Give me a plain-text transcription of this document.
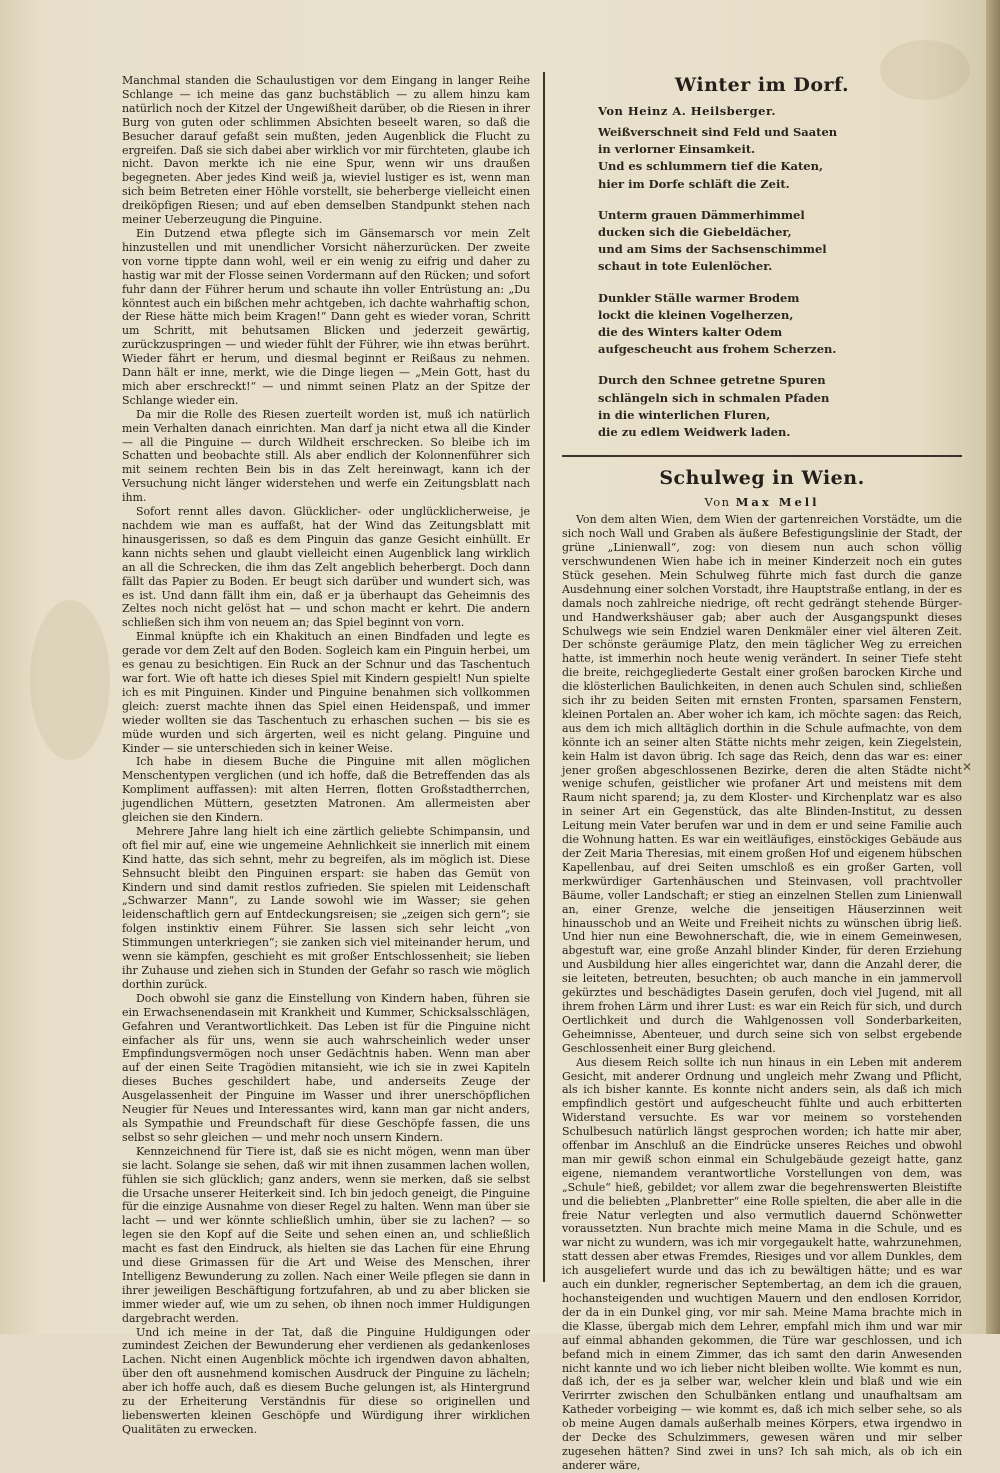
Manchmal standen die Schaulustigen vor dem Eingang in langer Reihe Schlange — ich meine das ganz buchstäblich — zu allem hinzu kam natürlich noch der Kitzel der Ungewißheit darüber, ob die Riesen in ihrer Burg von guten oder schlimmen Absichten beseelt waren, so daß die Besucher darauf gefaßt sein mußten, jeden Augenblick die Flucht zu ergreifen. Daß sie sich dabei aber wirklich vor mir fürchteten, glaube ich nicht. Davon merkte ich nie eine Spur, wenn wir uns draußen begegneten. Aber jedes Kind weiß ja, wieviel lustiger es ist, wenn man sich beim Betreten einer Höhle vorstellt, sie beherberge vielleicht einen dreiköpfigen Riesen; und auf eben demselben Standpunkt stehen nach meiner Ueberzeugung die Pinguine.

Ein Dutzend etwa pflegte sich im Gänsemarsch vor mein Zelt hinzustellen und mit unendlicher Vorsicht näherzurücken. Der zweite von vorne tippte dann wohl, weil er ein wenig zu eifrig und daher zu hastig war mit der Flosse seinen Vordermann auf den Rücken; und sofort fuhr dann der Führer herum und schaute ihn voller Entrüstung an: „Du könntest auch ein bißchen mehr achtgeben, ich dachte wahrhaftig schon, der Riese hätte mich beim Kragen!“ Dann geht es wieder voran, Schritt um Schritt, mit behutsamen Blicken und jederzeit gewärtig, zurückzuspringen — und wieder fühlt der Führer, wie ihn etwas berührt. Wieder fährt er herum, und diesmal beginnt er Reißaus zu nehmen. Dann hält er inne, merkt, wie die Dinge liegen — „Mein Gott, hast du mich aber erschreckt!“ — und nimmt seinen Platz an der Spitze der Schlange wieder ein.

Da mir die Rolle des Riesen zuerteilt worden ist, muß ich natürlich mein Verhalten danach einrichten. Man darf ja nicht etwa all die Kinder — all die Pinguine — durch Wildheit erschrecken. So bleibe ich im Schatten und beobachte still. Als aber endlich der Kolonnenführer sich mit seinem rechten Bein bis in das Zelt hereinwagt, kann ich der Versuchung nicht länger widerstehen und werfe ein Zeitungsblatt nach ihm.

Sofort rennt alles davon. Glücklicher- oder unglücklicherweise, je nachdem wie man es auffaßt, hat der Wind das Zeitungsblatt mit hinausgerissen, so daß es dem Pinguin das ganze Gesicht einhüllt. Er kann nichts sehen und glaubt vielleicht einen Augenblick lang wirklich an all die Schrecken, die ihm das Zelt angeblich beherbergt. Doch dann fällt das Papier zu Boden. Er beugt sich darüber und wundert sich, was es ist. Und dann fällt ihm ein, daß er ja überhaupt das Geheimnis des Zeltes noch nicht gelöst hat — und schon macht er kehrt. Die andern schließen sich ihm von neuem an; das Spiel beginnt von vorn.

Einmal knüpfte ich ein Khakituch an einen Bindfaden und legte es gerade vor dem Zelt auf den Boden. Sogleich kam ein Pinguin herbei, um es genau zu besichtigen. Ein Ruck an der Schnur und das Taschentuch war fort. Wie oft hatte ich dieses Spiel mit Kindern gespielt! Nun spielte ich es mit Pinguinen. Kinder und Pinguine benahmen sich vollkommen gleich: zuerst machte ihnen das Spiel einen Heidenspaß, und immer wieder wollten sie das Taschentuch zu erhaschen suchen — bis sie es müde wurden und sich ärgerten, weil es nicht gelang. Pinguine und Kinder — sie unterschieden sich in keiner Weise.

Ich habe in diesem Buche die Pinguine mit allen möglichen Menschentypen verglichen (und ich hoffe, daß die Betreffenden das als Kompliment auffassen): mit alten Herren, flotten Großstadtherrchen, jugendlichen Müttern, gesetzten Matronen. Am allermeisten aber gleichen sie den Kindern.

Mehrere Jahre lang hielt ich eine zärtlich geliebte Schimpansin, und oft fiel mir auf, eine wie ungemeine Aehnlichkeit sie innerlich mit einem Kind hatte, das sich sehnt, mehr zu begreifen, als im möglich ist. Diese Sehnsucht bleibt den Pinguinen erspart: sie haben das Gemüt von Kindern und sind damit restlos zufrieden. Sie spielen mit Leidenschaft „Schwarzer Mann“, zu Lande sowohl wie im Wasser; sie gehen leidenschaftlich gern auf Entdeckungsreisen; sie „zeigen sich gern“; sie folgen instinktiv einem Führer. Sie lassen sich sehr leicht „von Stimmungen unterkriegen“; sie zanken sich viel miteinander herum, und wenn sie kämpfen, geschieht es mit großer Entschlossenheit; sie lieben ihr Zuhause und ziehen sich in Stunden der Gefahr so rasch wie möglich dorthin zurück.

Doch obwohl sie ganz die Einstellung von Kindern haben, führen sie ein Erwachsenendasein mit Krankheit und Kummer, Schicksalsschlägen, Gefahren und Verantwortlichkeit. Das Leben ist für die Pinguine nicht einfacher als für uns, wenn sie auch wahrscheinlich weder unser Empfindungsvermögen noch unser Gedächtnis haben. Wenn man aber auf der einen Seite Tragödien mitansieht, wie ich sie in zwei Kapiteln dieses Buches geschildert habe, und anderseits Zeuge der Ausgelassenheit der Pinguine im Wasser und ihrer unerschöpflichen Neugier für Neues und Interessantes wird, kann man gar nicht anders, als Sympathie und Freundschaft für diese Geschöpfe fassen, die uns selbst so sehr gleichen — und mehr noch unsern Kindern.

Kennzeichnend für Tiere ist, daß sie es nicht mögen, wenn man über sie lacht. Solange sie sehen, daß wir mit ihnen zusammen lachen wollen, fühlen sie sich glücklich; ganz anders, wenn sie merken, daß sie selbst die Ursache unserer Heiterkeit sind. Ich bin jedoch geneigt, die Pinguine für die einzige Ausnahme von dieser Regel zu halten. Wenn man über sie lacht — und wer könnte schließlich umhin, über sie zu lachen? — so legen sie den Kopf auf die Seite und sehen einen an, und schließlich macht es fast den Eindruck, als hielten sie das Lachen für eine Ehrung und diese Grimassen für die Art und Weise des Menschen, ihrer Intelligenz Bewunderung zu zollen. Nach einer Weile pflegen sie dann in ihrer jeweiligen Beschäftigung fortzufahren, ab und zu aber blicken sie immer wieder auf, wie um zu sehen, ob ihnen noch immer Huldigungen dargebracht werden.

Und ich meine in der Tat, daß die Pinguine Huldigungen oder zumindest Zeichen der Bewunderung eher verdienen als gedankenloses Lachen. Nicht einen Augenblick möchte ich irgendwen davon abhalten, über den oft ausnehmend komischen Ausdruck der Pinguine zu lächeln; aber ich hoffe auch, daß es diesem Buche gelungen ist, als Hintergrund zu der Erheiterung Verständnis für diese so originellen und liebenswerten kleinen Geschöpfe und Würdigung ihrer wirklichen Qualitäten zu erwecken.

Winter im Dorf.
Von Heinz A. Heilsberger.
Weißverschneit sind Feld und Saaten
in verlorner Einsamkeit.
Und es schlummern tief die Katen,
hier im Dorfe schläft die Zeit.
Unterm grauen Dämmerhimmel
ducken sich die Giebeldächer,
und am Sims der Sachsenschimmel
schaut in tote Eulenlöcher.
Dunkler Ställe warmer Brodem
lockt die kleinen Vogelherzen,
die des Winters kalter Odem
aufgescheucht aus frohem Scherzen.
Durch den Schnee getretne Spuren
schlängeln sich in schmalen Pfaden
in die winterlichen Fluren,
die zu edlem Weidwerk laden.
Schulweg in Wien.
Von Max Mell

Von dem alten Wien, dem Wien der gartenreichen Vorstädte, um die sich noch Wall und Graben als äußere Befestigungslinie der Stadt, der grüne „Linienwall“, zog: von diesem nun auch schon völlig verschwundenen Wien habe ich in meiner Kinderzeit noch ein gutes Stück gesehen. Mein Schulweg führte mich fast durch die ganze Ausdehnung einer solchen Vorstadt, ihre Hauptstraße entlang, in der es damals noch zahlreiche niedrige, oft recht gedrängt stehende Bürger- und Handwerkshäuser gab; aber auch der Ausgangspunkt dieses Schulwegs wie sein Endziel waren Denkmäler einer viel älteren Zeit. Der schönste geräumige Platz, den mein täglicher Weg zu erreichen hatte, ist immerhin noch heute wenig verändert. In seiner Tiefe steht die breite, reichgegliederte Gestalt einer großen barocken Kirche und die klösterlichen Baulichkeiten, in denen auch Schulen sind, schließen sich ihr zu beiden Seiten mit ernsten Fronten, sparsamen Fenstern, kleinen Portalen an. Aber woher ich kam, ich möchte sagen: das Reich, aus dem ich mich alltäglich dorthin in die Schule aufmachte, von dem könnte ich an seiner alten Stätte nichts mehr zeigen, kein Ziegelstein, kein Halm ist davon übrig. Ich sage das Reich, denn das war es: einer jener großen abgeschlossenen Bezirke, deren die alten Städte nicht wenige schufen, geistlicher wie profaner Art und meistens mit dem Raum nicht sparend; ja, zu dem Kloster- und Kirchenplatz war es also in seiner Art ein Gegenstück, das alte Blinden-Institut, zu dessen Leitung mein Vater berufen war und in dem er und seine Familie auch die Wohnung hatten. Es war ein weitläufiges, einstöckiges Gebäude aus der Zeit Maria Theresias, mit einem großen Hof und eigenem hübschen Kapellenbau, auf drei Seiten umschloß es ein großer Garten, voll merkwürdiger Gartenhäuschen und Steinvasen, voll prachtvoller Bäume, voller Landschaft; er stieg an einzelnen Stellen zum Linienwall an, einer Grenze, welche die jenseitigen Häuserzinnen weit hinausschob und an Weite und Freiheit nichts zu wünschen übrig ließ. Und hier nun eine Bewohnerschaft, die, wie in einem Gemeinwesen, abgestuft war, eine große Anzahl blinder Kinder, für deren Erziehung und Ausbildung hier alles eingerichtet war, dann die Anzahl derer, die sie leiteten, betreuten, besuchten; ob auch manche in ein jammervoll gekürztes und beschädigtes Dasein gerufen, doch viel Jugend, mit all ihrem frohen Lärm und ihrer Lust: es war ein Reich für sich, und durch Oertlichkeit und durch die Wahlgenossen voll Sonderbarkeiten, Geheimnisse, Abenteuer, und durch seine sich von selbst ergebende Geschlossenheit einer Burg gleichend.

Aus diesem Reich sollte ich nun hinaus in ein Leben mit anderem Gesicht, mit anderer Ordnung und ungleich mehr Zwang und Pflicht, als ich bisher kannte. Es konnte nicht anders sein, als daß ich mich empfindlich gestört und aufgescheucht fühlte und auch erbitterten Widerstand versuchte. Es war vor meinem so vorstehenden Schulbesuch natürlich längst gesprochen worden; ich hatte mir aber, offenbar im Anschluß an die Eindrücke unseres Reiches und obwohl man mir gewiß schon einmal ein Schulgebäude gezeigt hatte, ganz eigene, niemandem verantwortliche Vorstellungen von dem, was „Schule“ hieß, gebildet; vor allem zwar die begehrenswerten Bleistifte und die beliebten „Planbretter“ eine Rolle spielten, die aber alle in die freie Natur verlegten und also vermutlich dauernd Schönwetter voraussetzten. Nun brachte mich meine Mama in die Schule, und es war nicht zu wundern, was ich mir vorgegaukelt hatte, wahrzunehmen, statt dessen aber etwas Fremdes, Riesiges und vor allem Dunkles, dem ich ausgeliefert wurde und das ich zu bewältigen hätte; und es war auch ein dunkler, regnerischer Septembertag, an dem ich die grauen, hochansteigenden und wuchtigen Mauern und den endlosen Korridor, der da in ein Dunkel ging, vor mir sah. Meine Mama brachte mich in die Klasse, übergab mich dem Lehrer, empfahl mich ihm und war mir auf einmal abhanden gekommen, die Türe war geschlossen, und ich befand mich in einem Zimmer, das ich samt den darin Anwesenden nicht kannte und wo ich lieber nicht bleiben wollte. Wie kommt es nun, daß ich, der es ja selber war, welcher klein und blaß und wie ein Verirrter zwischen den Schulbänken entlang und unaufhaltsam am Katheder vorbeiging — wie kommt es, daß ich mich selber sehe, so als ob meine Augen damals außerhalb meines Körpers, etwa irgendwo in der Decke des Schulzimmers, gewesen wären und mir selber zugesehen hätten? Sind zwei in uns? Ich sah mich, als ob ich ein anderer wäre,

✕
